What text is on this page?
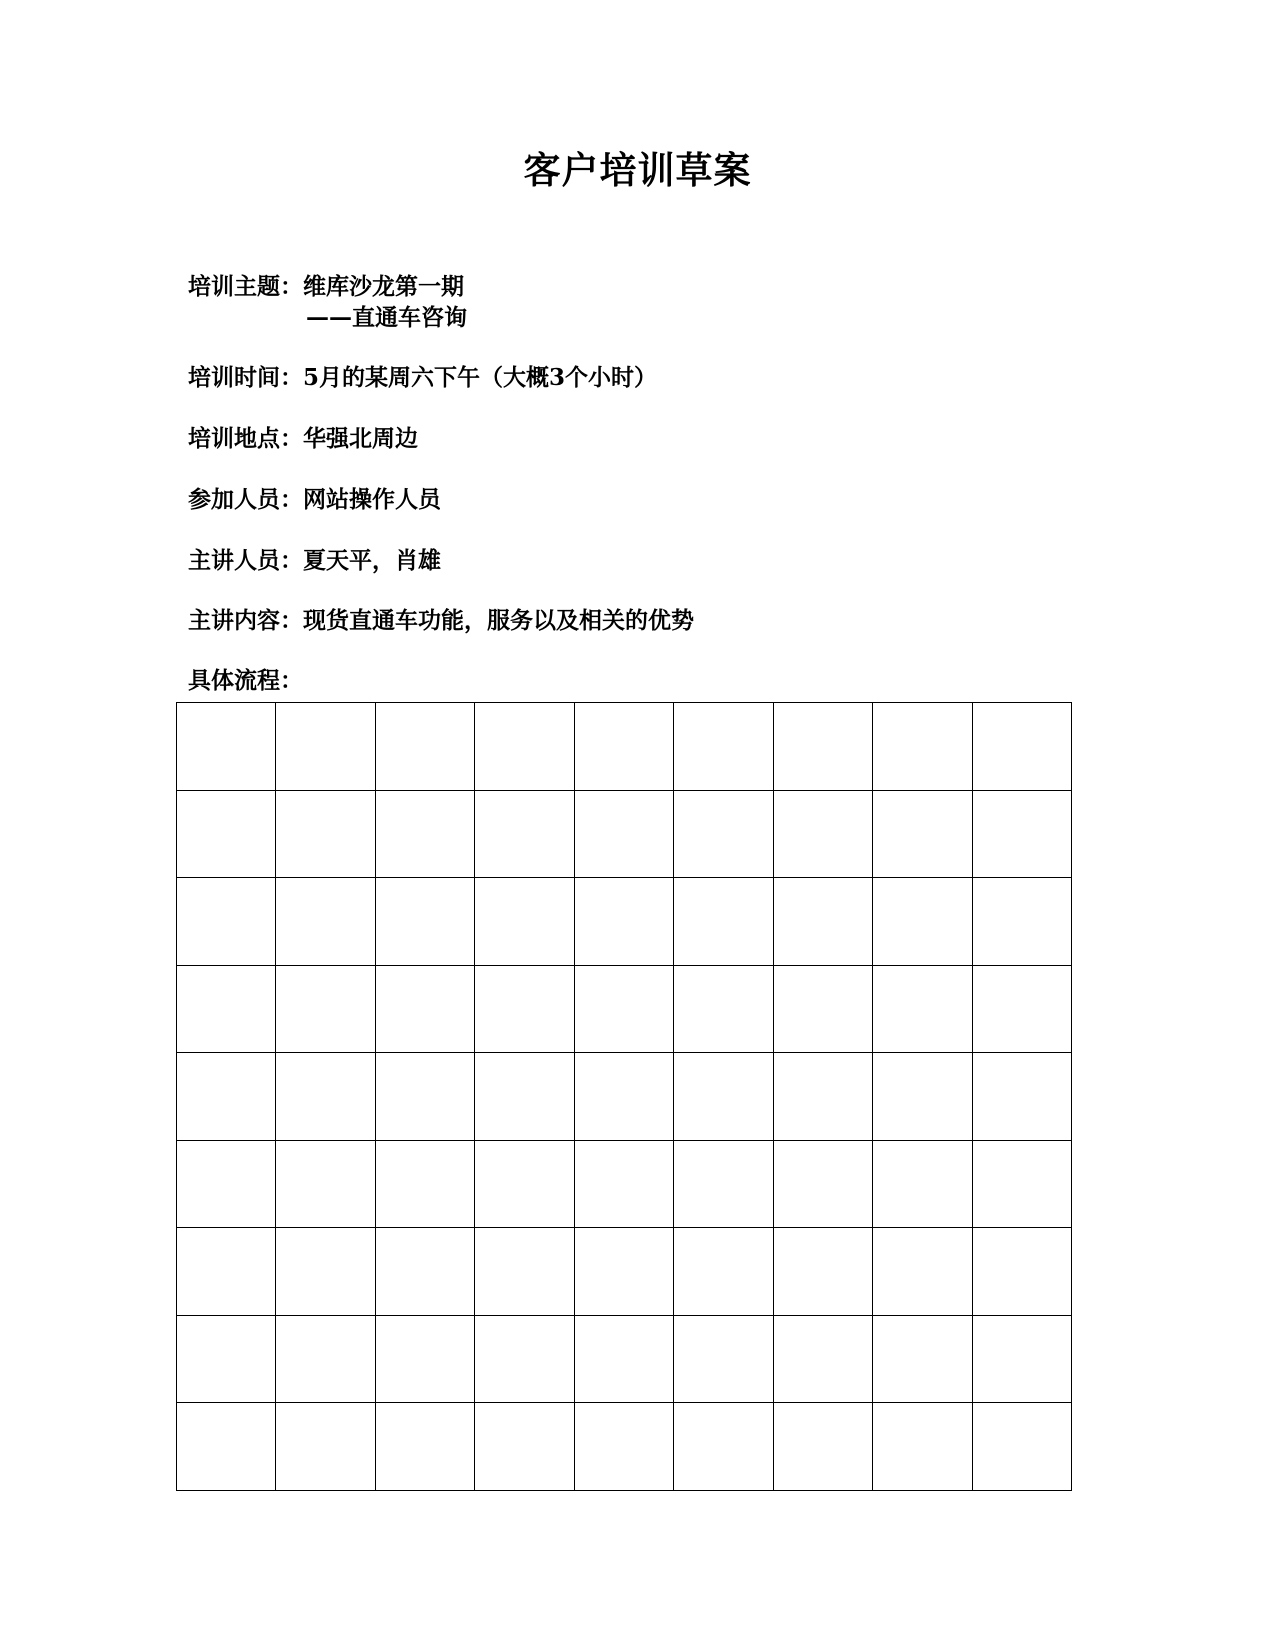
客户培训草案
培训主题：维库沙龙第一期
——直通车咨询
培训时间：5月的某周六下午（大概3个小时）
培训地点：华强北周边
参加人员：网站操作人员
主讲人员：夏天平，肖雄
主讲内容：现货直通车功能，服务以及相关的优势
具体流程：
